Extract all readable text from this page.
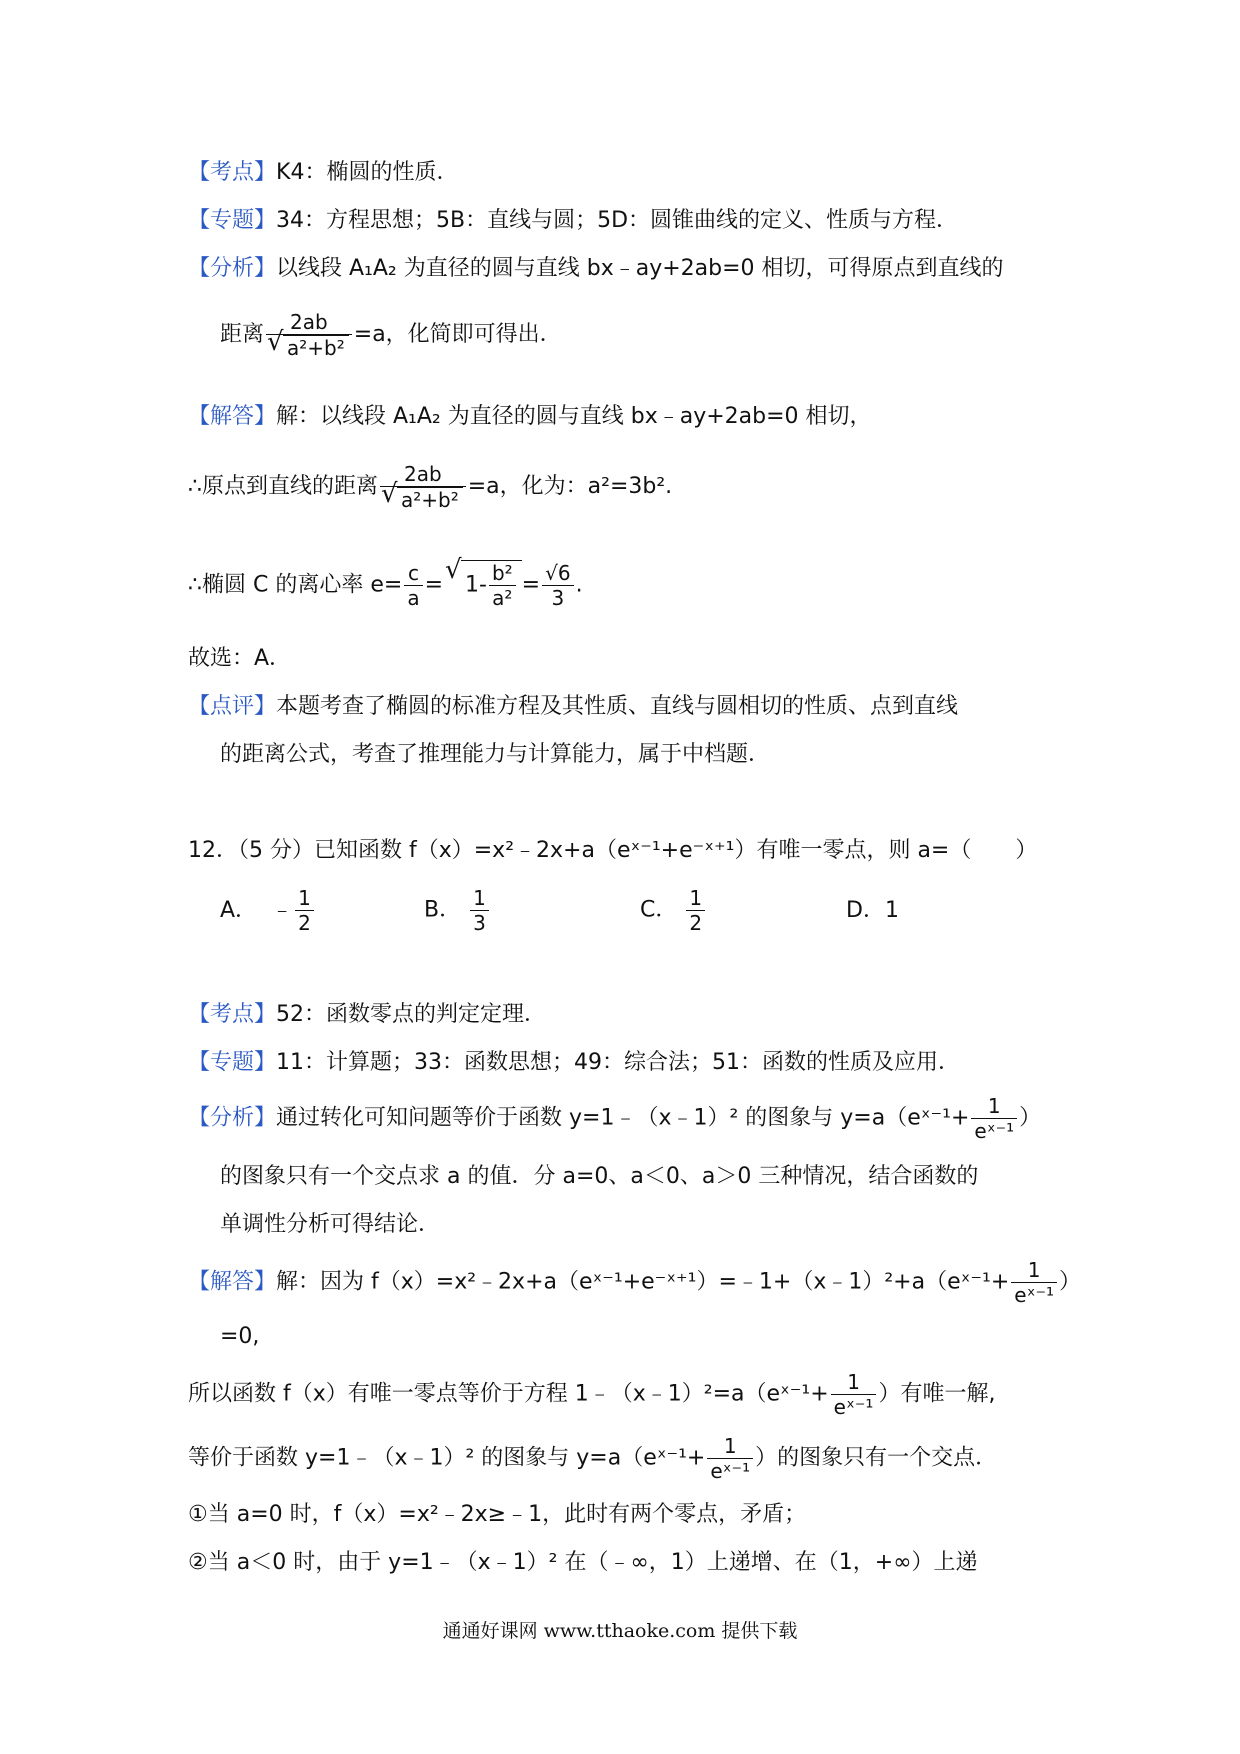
【考点】K4：椭圆的性质．
【专题】34：方程思想；5B：直线与圆；5D：圆锥曲线的定义、性质与方程．
【分析】以线段 A₁A₂ 为直径的圆与直线 bx﹣ay+2ab=0 相切，可得原点到直线的
距离 2ab
√ a²+b² =a，化简即可得出．
【解答】解：以线段 A₁A₂ 为直径的圆与直线 bx﹣ay+2ab=0 相切，
∴原点到直线的距离 2ab
√ a²+b² =a，化为：a²=3b².
∴椭圆 C 的离心率 $e= \frac{c}{a}$ =√ $1- \frac{\text{b²}}{\text{a²}} = \frac{√6}{3}$ .
故选：A．
【点评】本题考查了椭圆的标准方程及其性质、直线与圆相切的性质、点到直线
的距离公式，考查了推理能力与计算能力，属于中档题．
12．（5 分）已知函数 f（x）=x²﹣2x+a（eˣ⁻¹+e⁻ˣ⁺¹）有唯一零点，则 a=（　　）
A． ﹣ $\frac{1}{2}$	B． $\frac{1}{3}$	C． $\frac{1}{2}$	D．1
【考点】52：函数零点的判定定理．
【专题】11：计算题；33：函数思想；49：综合法；51：函数的性质及应用．
【分析】通过转化可知问题等价于函数 y=1﹣（x﹣1）² 的图象与 y=a（eˣ⁻¹+ $\frac{1}{\text{eˣ⁻¹}}$ ）
的图象只有一个交点求 a 的值．分 a=0、a＜0、a＞0 三种情况，结合函数的
单调性分析可得结论．
【解答】解：因为 f（x）=x²﹣2x+a（eˣ⁻¹+e⁻ˣ⁺¹）=﹣1+（x﹣1）²+a（eˣ⁻¹+ $\frac{1}{\text{eˣ⁻¹}}$ ）
=0,
所以函数 f（x）有唯一零点等价于方程 1﹣（x﹣1）²=a（eˣ⁻¹+ $\frac{1}{\text{eˣ⁻¹}}$ ）有唯一解,
等价于函数 y=1﹣（x﹣1）² 的图象与 y=a（eˣ⁻¹+ $\frac{1}{\text{eˣ⁻¹}}$ ）的图象只有一个交点．
①当 a=0 时，f（x）=x²﹣2x≥﹣1，此时有两个零点，矛盾；
②当 a＜0 时，由于 y=1﹣（x﹣1）² 在（﹣∞，1）上递增、在（1，+∞）上递
通通好课网 www.tthaoke.com 提供下载
